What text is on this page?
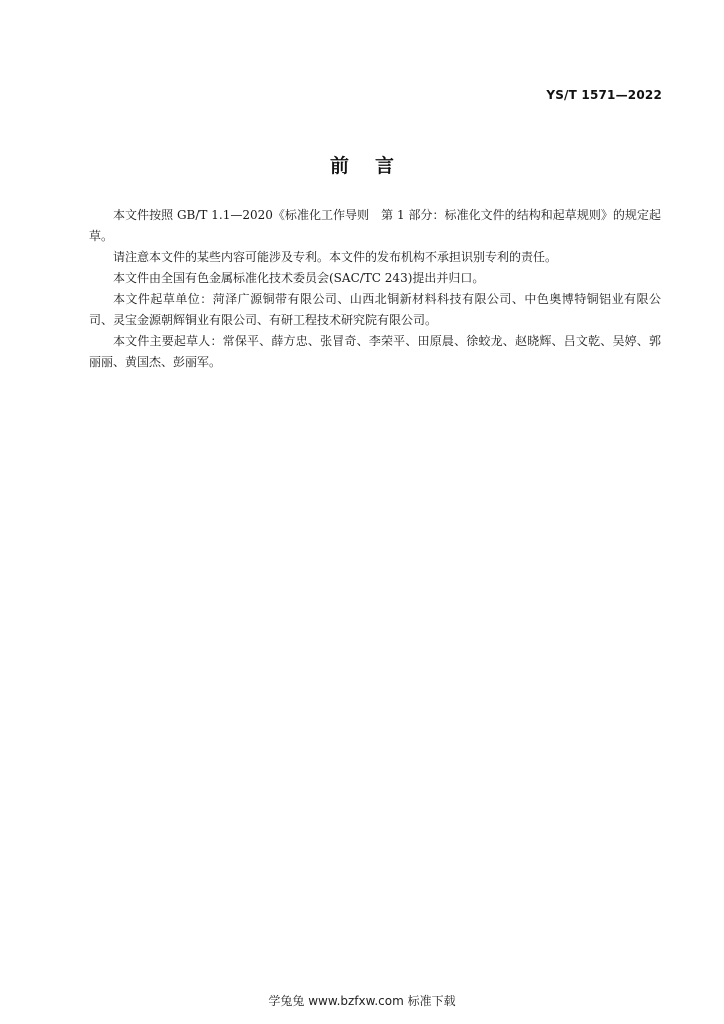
YS/T 1571—2022
前言

本文件按照 GB/T 1.1—2020《标准化工作导则　第 1 部分：标准化文件的结构和起草规则》的规定起草。

请注意本文件的某些内容可能涉及专利。本文件的发布机构不承担识别专利的责任。

本文件由全国有色金属标准化技术委员会(SAC/TC 243)提出并归口。

本文件起草单位：菏泽广源铜带有限公司、山西北铜新材料科技有限公司、中色奥博特铜铝业有限公司、灵宝金源朝辉铜业有限公司、有研工程技术研究院有限公司。

本文件主要起草人：常保平、薛方忠、张冒奇、李荣平、田原晨、徐蛟龙、赵晓辉、吕文乾、吴婷、郭丽丽、黄国杰、彭丽军。

学兔兔 www.bzfxw.com 标准下载
